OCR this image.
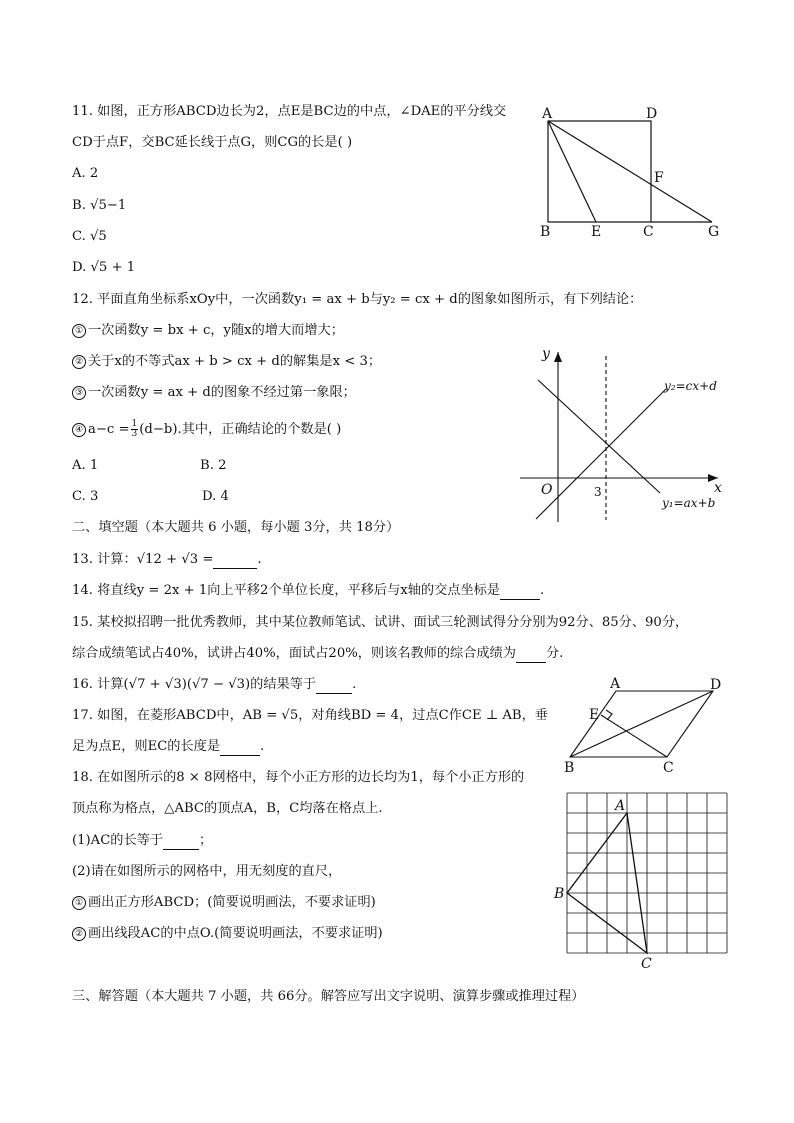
11. 如图，正方形ABCD边长为2，点E是BC边的中点，∠DAE的平分线交
CD于点F，交BC延长线于点G，则CG的长是( )
A. 2
B. √5−1
C. √5
D. √5 + 1
12. 平面直角坐标系xOy中，一次函数y₁ = ax + b与y₂ = cx + d的图象如图所示，有下列结论：
① 一次函数y = bx + c，y随x的增大而增大；
② 关于x的不等式ax + b > cx + d的解集是x < 3；
③ 一次函数y = ax + d的图象不经过第一象限；
④ $a-c = \frac{1}{3} (d-b)$.其中，正确结论的个数是( )
A. 1	B. 2
C. 3	D. 4
二、填空题（本大题共 6 小题，每小题 3分，共 18分）
13. 计算：√12 + √3 =	.
14. 将直线y = 2x + 1向上平移2个单位长度，平移后与x轴的交点坐标是	.
15. 某校拟招聘一批优秀教师，其中某位教师笔试、试讲、面试三轮测试得分分别为92分、85分、90分，
综合成绩笔试占40%，试讲占40%，面试占20%，则该名教师的综合成绩为 分.
16. 计算(√7 + √3)(√7 − √3)的结果等于	.
17. 如图，在菱形ABCD中，AB = √5，对角线BD = 4，过点C作CE ⊥ AB，垂
足为点E，则EC的长度是	.
18. 在如图所示的8 × 8网格中，每个小正方形的边长均为1，每个小正方形的
顶点称为格点，△ABC的顶点A，B，C均落在格点上.
(1)AC的长等于	；
(2)请在如图所示的网格中，用无刻度的直尺，
① 画出正方形ABCD；(简要说明画法，不要求证明)
② 画出线段AC的中点O.(简要说明画法，不要求证明)
三、解答题（本大题共 7 小题，共 66分。解答应写出文字说明、演算步骤或推理过程）
A	D
F
B	E	C	G
y
x
O	3
y₂=cx+d
y₁=ax+b
A	D
E
B	C
A
B
C
